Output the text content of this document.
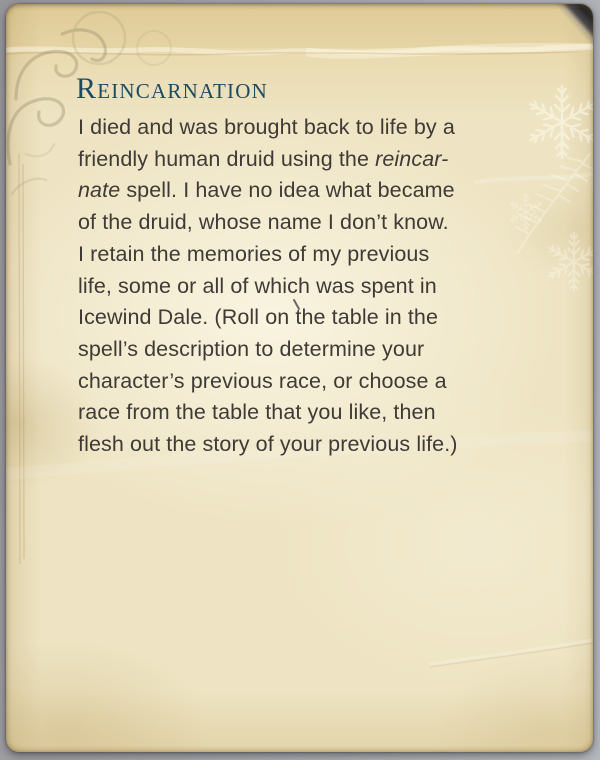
Reincarnation
I died and was brought back to life by a
friendly human druid using the reincar-
nate spell. I have no idea what became
of the druid, whose name I don’t know.
I retain the memories of my previous
life, some or all of which was spent in
Icewind Dale. (Roll on the table in the
spell’s description to determine your
character’s previous race, or choose a
race from the table that you like, then
flesh out the story of your previous life.)
